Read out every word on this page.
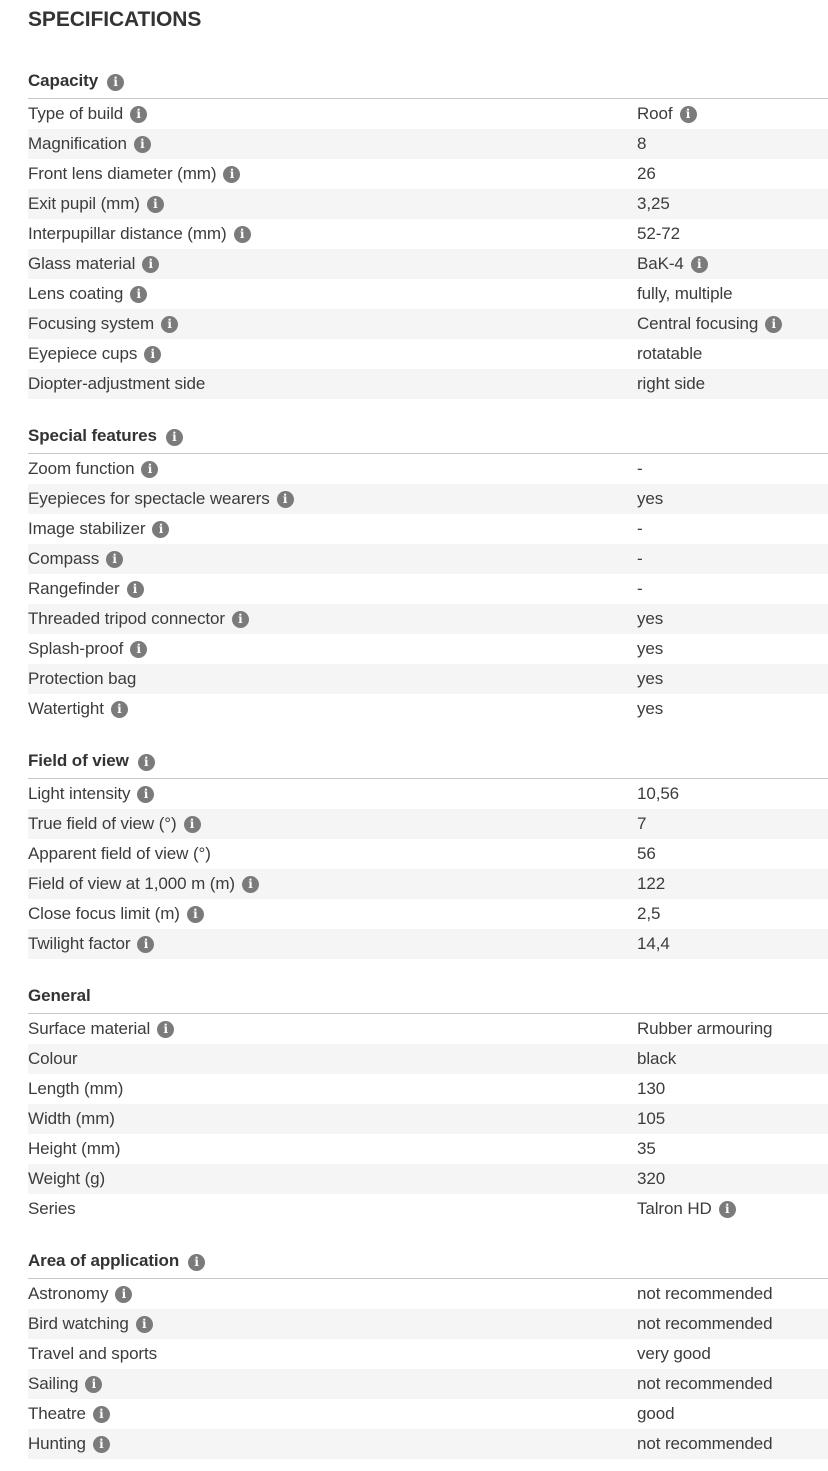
SPECIFICATIONS
Capacity i
Type of build	i	Roof	i
Magnification	i	8
Front lens diameter (mm)	i	26
Exit pupil (mm)	i	3,25
Interpupillar distance (mm)	i	52-72
Glass material	i	BaK-4	i
Lens coating	i	fully, multiple
Focusing system	i	Central focusing	i
Eyepiece cups	i	rotatable
Diopter-adjustment side	right side
Special features i
Zoom function	i	-
Eyepieces for spectacle wearers	i	yes
Image stabilizer	i	-
Compass	i	-
Rangefinder	i	-
Threaded tripod connector	i	yes
Splash-proof	i	yes
Protection bag	yes
Watertight	i	yes
Field of view i
Light intensity	i	10,56
True field of view (°)	i	7
Apparent field of view (°)	56
Field of view at 1,000 m (m)	i	122
Close focus limit (m)	i	2,5
Twilight factor	i	14,4
General
Surface material	i	Rubber armouring
Colour	black
Length (mm)	130
Width (mm)	105
Height (mm)	35
Weight (g)	320
Series	Talron HD	i
Area of application i
Astronomy	i	not recommended
Bird watching	i	not recommended
Travel and sports	very good
Sailing	i	not recommended
Theatre	i	good
Hunting	i	not recommended
